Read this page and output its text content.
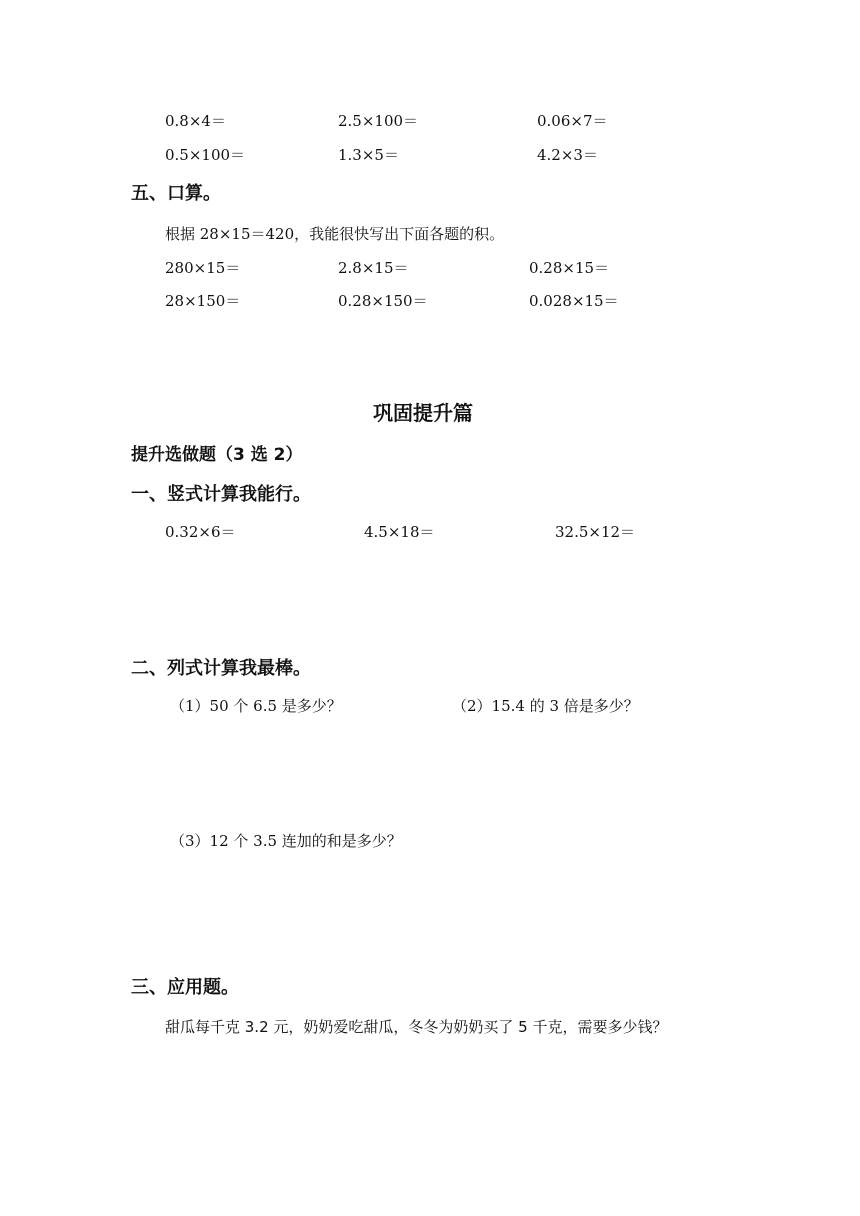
0.8×4＝	2.5×100＝	0.06×7＝
0.5×100＝	1.3×5＝	4.2×3＝
五、口算。
根据 28×15＝420，我能很快写出下面各题的积。
280×15＝	2.8×15＝	0.28×15＝
28×150＝	0.28×150＝	0.028×15＝
巩固提升篇
提升选做题（3 选 2）
一、竖式计算我能行。
0.32×6＝	4.5×18＝	32.5×12＝
二、列式计算我最棒。
（1）50 个 6.5 是多少？	（2）15.4 的 3 倍是多少？
（3）12 个 3.5 连加的和是多少？
三、应用题。
甜瓜每千克 3.2 元，奶奶爱吃甜瓜，冬冬为奶奶买了 5 千克，需要多少钱？
